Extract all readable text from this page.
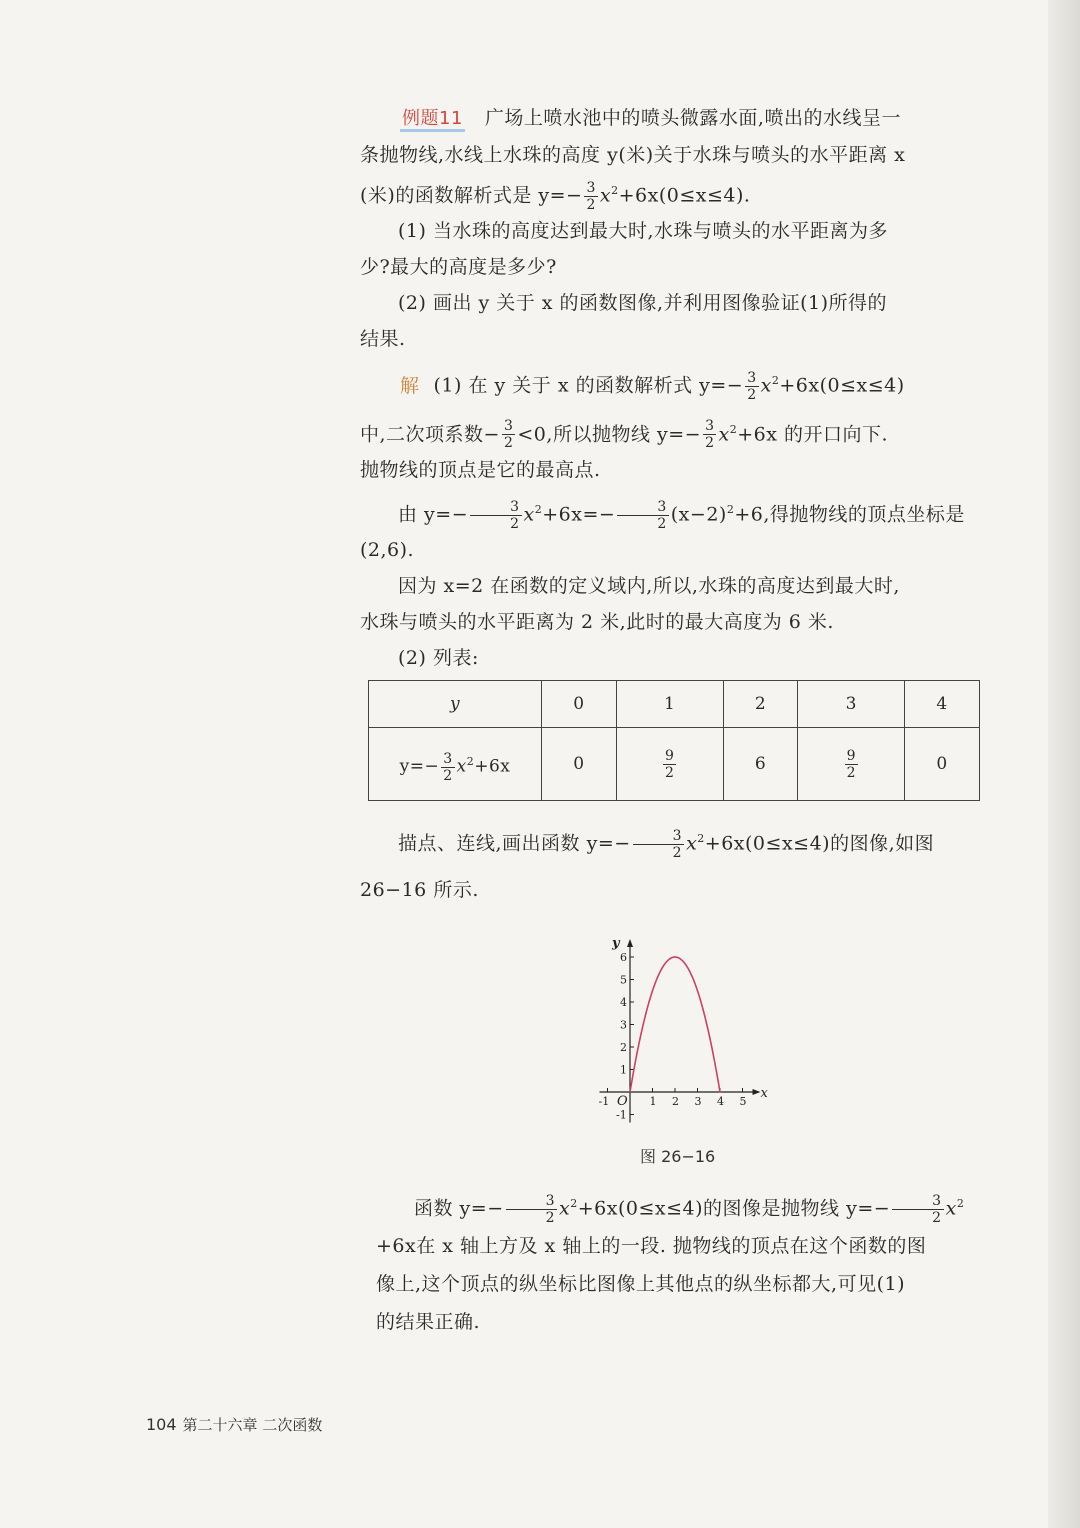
例题11 广场上喷水池中的喷头微露水面,喷出的水线呈一

条抛物线,水线上水珠的高度 y(米)关于水珠与喷头的水平距离 x

(米)的函数解析式是 $y=- \frac{3}{2} x^2+6x(0\le x\le 4)$.

(1) 当水珠的高度达到最大时,水珠与喷头的水平距离为多

少?最大的高度是多少?

(2) 画出 y 关于 x 的函数图像,并利用图像验证(1)所得的

结果.

解 (1) 在 y 关于 x 的函数解析式 $y=- \frac{3}{2} x^2+6x(0\le x\le 4)$

中,二次项系数− $\frac{3}{2} <0$,所以抛物线 $y=- \frac{3}{2} x^2+6x$ 的开口向下.

抛物线的顶点是它的最高点.

由 $y=- \frac{3}{2} x^2+6x=- \frac{3}{2} (x-2)^2+6$,得抛物线的顶点坐标是

(2,6).

因为 x=2 在函数的定义域内,所以,水珠的高度达到最大时,

水珠与喷头的水平距离为 2 米,此时的最大高度为 6 米.

(2) 列表:

y	0	1	2	3	4
$y=- \frac{3}{2} x^2+6x$	0	$\frac{9}{2}$	6	$\frac{9}{2}$	0

描点、连线,画出函数 $y=- \frac{3}{2} x^2+6x(0\le x\le 4)$的图像,如图

26−16 所示.

-1	1 2 3 4 5
-1
1
2
3
4
5
6
O
x
y
图 26−16

函数 $y=- \frac{3}{2} x^2+6x(0\le x\le 4)$的图像是抛物线 $y=- \frac{3}{2} x^2$

+6x在 x 轴上方及 x 轴上的一段. 抛物线的顶点在这个函数的图

像上,这个顶点的纵坐标比图像上其他点的纵坐标都大,可见(1)

的结果正确.

104 第二十六章 二次函数
